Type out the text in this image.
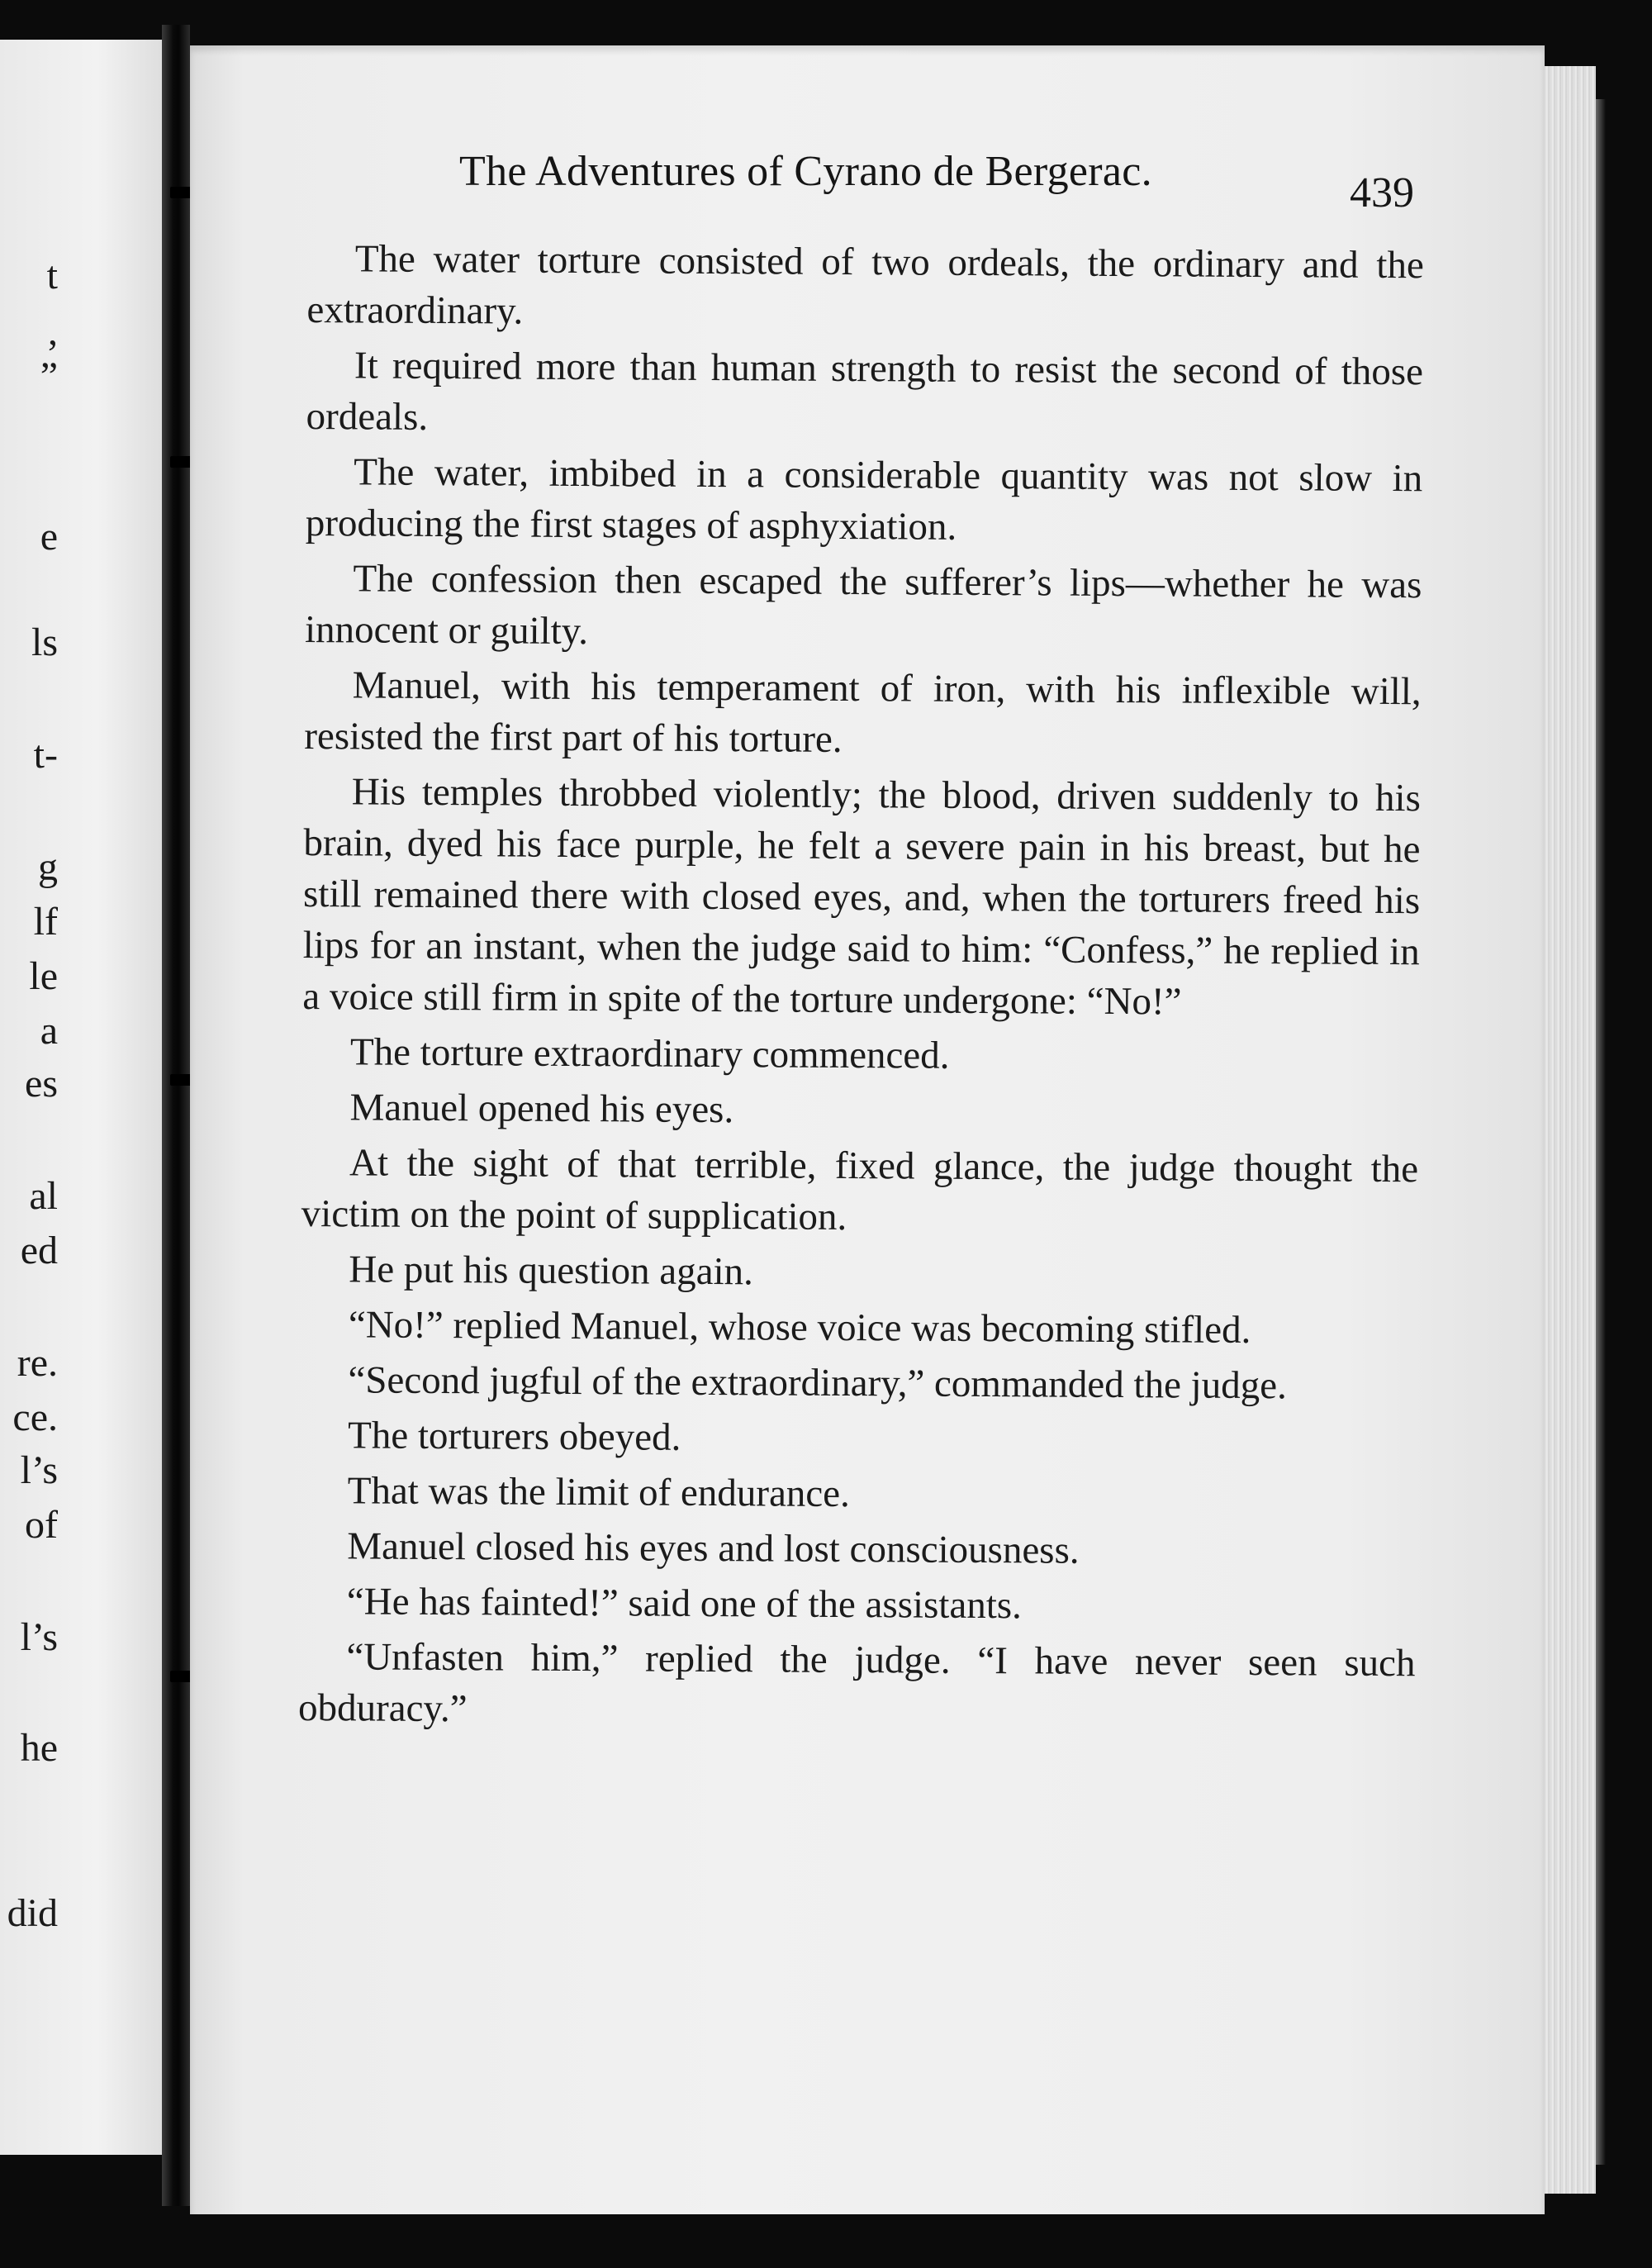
t
,
”
e
ls
t-
g
lf
le
a
es
al
ed
re.
ce.
l’s
of
l’s
he
did
The Adventures of Cyrano de Bergerac.	439

The water torture consisted of two ordeals, the ordinary and the extraordinary.

It required more than human strength to resist the second of those ordeals.

The water, imbibed in a considerable quantity was not slow in producing the first stages of asphyxiation.

The confession then escaped the sufferer’s lips—whether he was innocent or guilty.

Manuel, with his temperament of iron, with his inflexible will, resisted the first part of his torture.

His temples throbbed violently; the blood, driven suddenly to his brain, dyed his face purple, he felt a severe pain in his breast, but he still remained there with closed eyes, and, when the torturers freed his lips for an instant, when the judge said to him: “Confess,” he replied in a voice still firm in spite of the torture undergone: “No!”

The torture extraordinary commenced.

Manuel opened his eyes.

At the sight of that terrible, fixed glance, the judge thought the victim on the point of supplication.

He put his question again.

“No!” replied Manuel, whose voice was becoming stifled.

“Second jugful of the extraordinary,” commanded the judge.

The torturers obeyed.

That was the limit of endurance.

Manuel closed his eyes and lost consciousness.

“He has fainted!” said one of the assistants.

“Unfasten him,” replied the judge. “I have never seen such obduracy.”
